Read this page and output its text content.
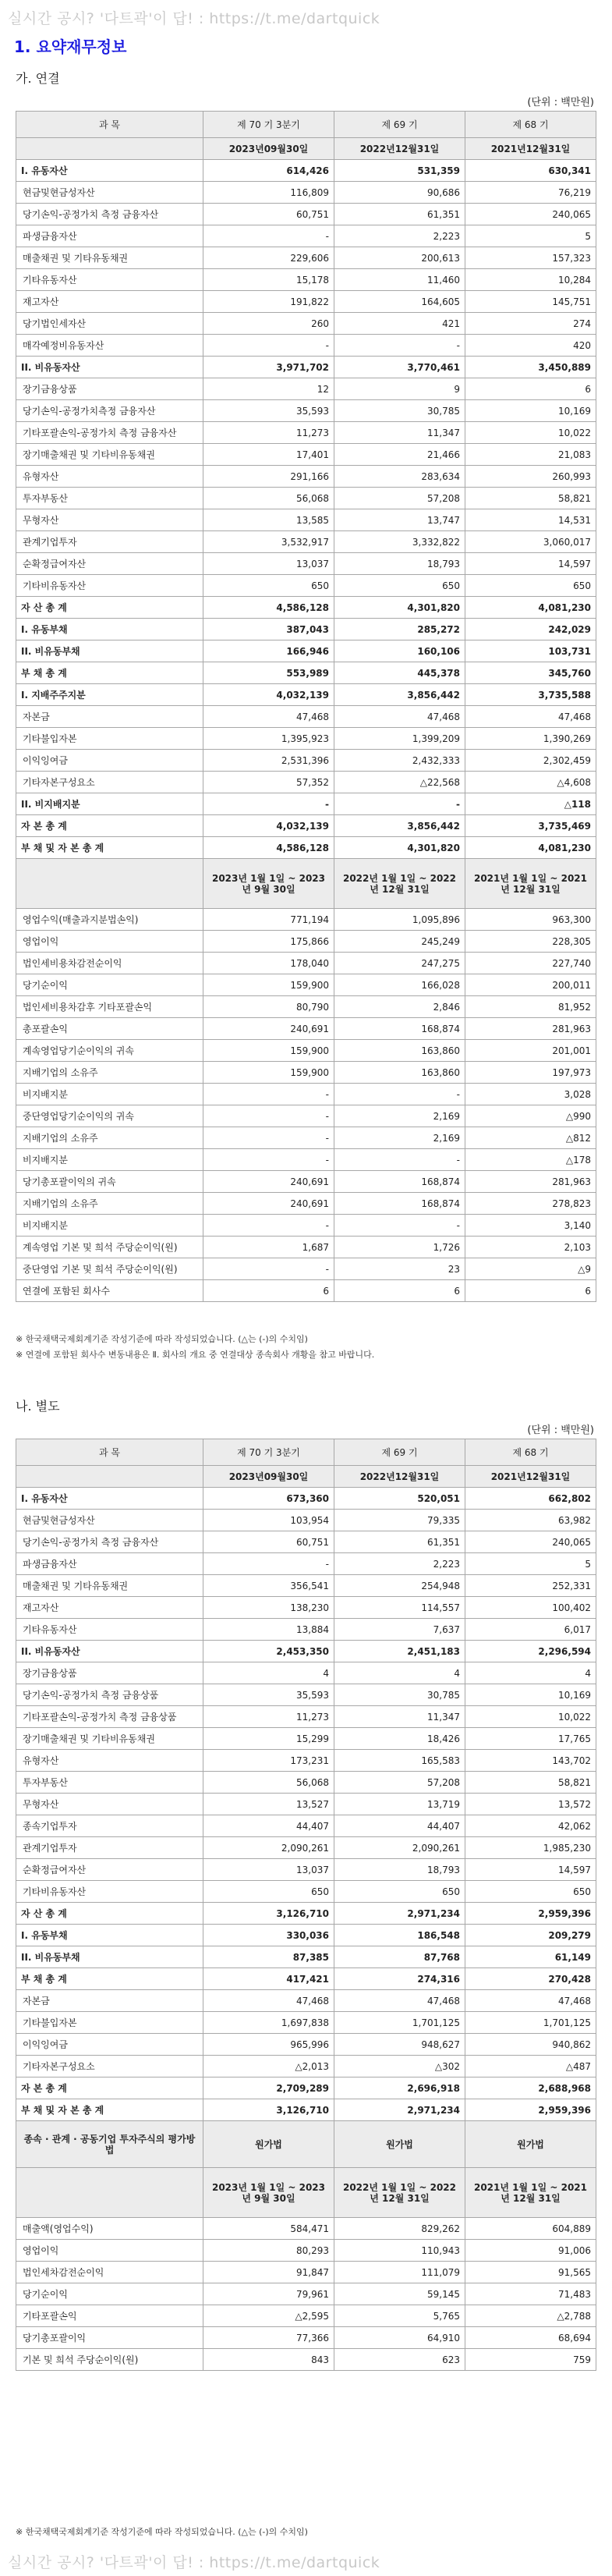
실시간 공시? '다트곽'이 답! : https://t.me/dartquick
1. 요약재무정보
가. 연결
(단위 : 백만원)
과 목	제 70 기 3분기	제 69 기	제 68 기
	2023년09월30일	2022년12월31일	2021년12월31일
I. 유동자산	614,426	531,359	630,341
현금및현금성자산	116,809	90,686	76,219
당기손익-공정가치 측정 금융자산	60,751	61,351	240,065
파생금융자산	-	2,223	5
매출채권 및 기타유동채권	229,606	200,613	157,323
기타유동자산	15,178	11,460	10,284
재고자산	191,822	164,605	145,751
당기법인세자산	260	421	274
매각예정비유동자산	-	-	420
II. 비유동자산	3,971,702	3,770,461	3,450,889
장기금융상품	12	9	6
당기손익-공정가치측정 금융자산	35,593	30,785	10,169
기타포괄손익-공정가치 측정 금융자산	11,273	11,347	10,022
장기매출채권 및 기타비유동채권	17,401	21,466	21,083
유형자산	291,166	283,634	260,993
투자부동산	56,068	57,208	58,821
무형자산	13,585	13,747	14,531
관계기업투자	3,532,917	3,332,822	3,060,017
순확정급여자산	13,037	18,793	14,597
기타비유동자산	650	650	650
자 산 총 계	4,586,128	4,301,820	4,081,230
I. 유동부채	387,043	285,272	242,029
II. 비유동부채	166,946	160,106	103,731
부 채 총 계	553,989	445,378	345,760
I. 지배주주지분	4,032,139	3,856,442	3,735,588
자본금	47,468	47,468	47,468
기타불입자본	1,395,923	1,399,209	1,390,269
이익잉여금	2,531,396	2,432,333	2,302,459
기타자본구성요소	57,352	△22,568	△4,608
II. 비지배지분	-	-	△118
자 본 총 계	4,032,139	3,856,442	3,735,469
부 채 및 자 본 총 계	4,586,128	4,301,820	4,081,230
	2023년 1월 1일 ~ 2023년 9월 30일	2022년 1월 1일 ~ 2022년 12월 31일	2021년 1월 1일 ~ 2021년 12월 31일
영업수익(매출과지분법손익)	771,194	1,095,896	963,300
영업이익	175,866	245,249	228,305
법인세비용차감전순이익	178,040	247,275	227,740
당기순이익	159,900	166,028	200,011
법인세비용차감후 기타포괄손익	80,790	2,846	81,952
총포괄손익	240,691	168,874	281,963
계속영업당기순이익의 귀속	159,900	163,860	201,001
지배기업의 소유주	159,900	163,860	197,973
비지배지분	-	-	3,028
중단영업당기순이익의 귀속	-	2,169	△990
지배기업의 소유주	-	2,169	△812
비지배지분	-	-	△178
당기총포괄이익의 귀속	240,691	168,874	281,963
지배기업의 소유주	240,691	168,874	278,823
비지배지분	-	-	3,140
계속영업 기본 및 희석 주당순이익(원)	1,687	1,726	2,103
중단영업 기본 및 희석 주당순이익(원)	-	23	△9
연결에 포함된 회사수	6	6	6
※ 한국채택국제회계기준 작성기준에 따라 작성되었습니다. (△는 (-)의 수치임)
※ 연결에 포함된 회사수 변동내용은 Ⅱ. 회사의 개요 중 연결대상 종속회사 개황을 참고 바랍니다.
나. 별도
(단위 : 백만원)
과 목	제 70 기 3분기	제 69 기	제 68 기
	2023년09월30일	2022년12월31일	2021년12월31일
I. 유동자산	673,360	520,051	662,802
현금및현금성자산	103,954	79,335	63,982
당기손익-공정가치 측정 금융자산	60,751	61,351	240,065
파생금융자산	-	2,223	5
매출채권 및 기타유동채권	356,541	254,948	252,331
재고자산	138,230	114,557	100,402
기타유동자산	13,884	7,637	6,017
II. 비유동자산	2,453,350	2,451,183	2,296,594
장기금융상품	4	4	4
당기손익-공정가치 측정 금융상품	35,593	30,785	10,169
기타포괄손익-공정가치 측정 금융상품	11,273	11,347	10,022
장기매출채권 및 기타비유동채권	15,299	18,426	17,765
유형자산	173,231	165,583	143,702
투자부동산	56,068	57,208	58,821
무형자산	13,527	13,719	13,572
종속기업투자	44,407	44,407	42,062
관계기업투자	2,090,261	2,090,261	1,985,230
순확정급여자산	13,037	18,793	14,597
기타비유동자산	650	650	650
자 산 총 계	3,126,710	2,971,234	2,959,396
I. 유동부채	330,036	186,548	209,279
II. 비유동부채	87,385	87,768	61,149
부 채 총 계	417,421	274,316	270,428
자본금	47,468	47,468	47,468
기타불입자본	1,697,838	1,701,125	1,701,125
이익잉여금	965,996	948,627	940,862
기타자본구성요소	△2,013	△302	△487
자 본 총 계	2,709,289	2,696,918	2,688,968
부 채 및 자 본 총 계	3,126,710	2,971,234	2,959,396
종속 · 관계 · 공동기업 투자주식의 평가방법	원가법	원가법	원가법
	2023년 1월 1일 ~ 2023년 9월 30일	2022년 1월 1일 ~ 2022년 12월 31일	2021년 1월 1일 ~ 2021년 12월 31일
매출액(영업수익)	584,471	829,262	604,889
영업이익	80,293	110,943	91,006
법인세차감전순이익	91,847	111,079	91,565
당기순이익	79,961	59,145	71,483
기타포괄손익	△2,595	5,765	△2,788
당기총포괄이익	77,366	64,910	68,694
기본 및 희석 주당순이익(원)	843	623	759
※ 한국채택국제회계기준 작성기준에 따라 작성되었습니다. (△는 (-)의 수치임)
실시간 공시? '다트곽'이 답! : https://t.me/dartquick
